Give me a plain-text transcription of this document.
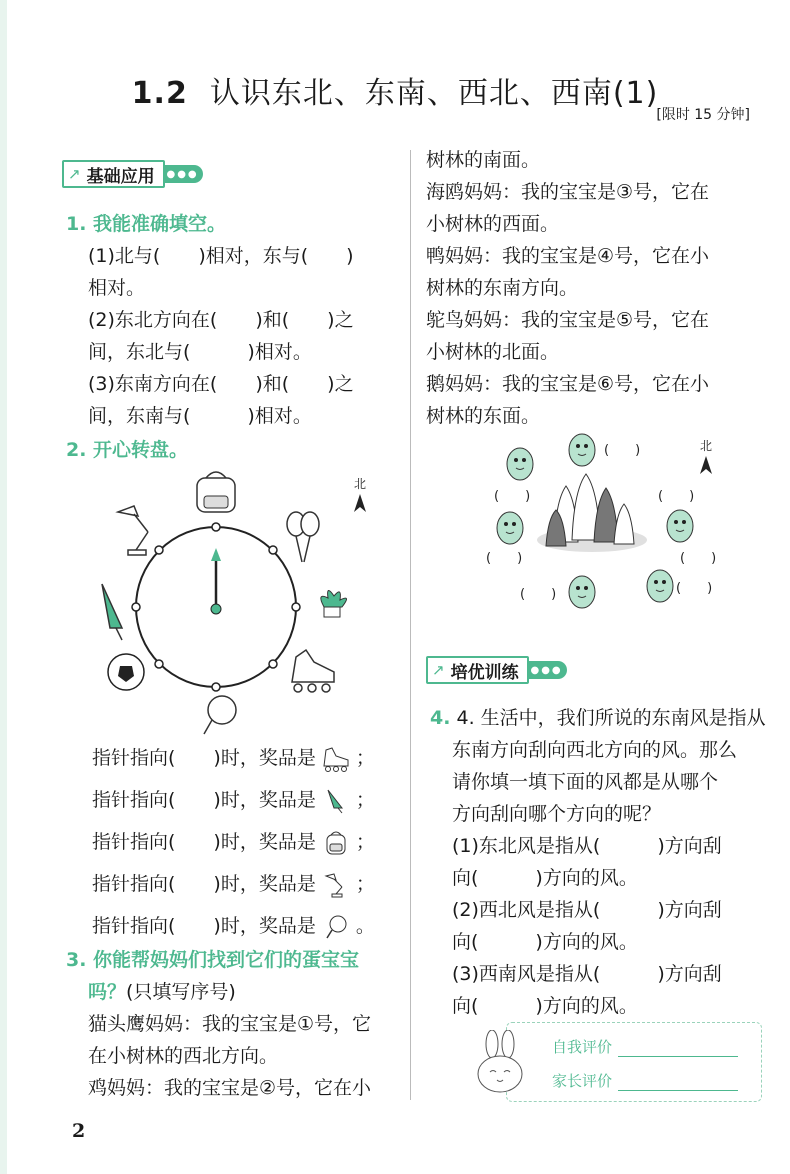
1.2 认识东北、东南、西北、西南(1)
[限时 15 分钟]
↗ 基础应用	●●●
1. 我能准确填空。
(1)北与(　　)相对，东与(　　)
相对。
(2)东北方向在(　　)和(　　)之
间，东北与(　　　)相对。
(3)东南方向在(　　)和(　　)之
间，东南与(　　　)相对。
2. 开心转盘。
北
指针指向(　　)时，奖品是 ；
指针指向(　　)时，奖品是 ；
指针指向(　　)时，奖品是 ；
指针指向(　　)时，奖品是 ；
指针指向(　　)时，奖品是 。
3. 你能帮妈妈们找到它们的蛋宝宝
吗？(只填写序号)
猫头鹰妈妈：我的宝宝是①号，它
在小树林的西北方向。
鸡妈妈：我的宝宝是②号，它在小
树林的南面。
海鸥妈妈：我的宝宝是③号，它在
小树林的西面。
鸭妈妈：我的宝宝是④号，它在小
树林的东南方向。
鸵鸟妈妈：我的宝宝是⑤号，它在
小树林的北面。
鹅妈妈：我的宝宝是⑥号，它在小
树林的东面。
北
(　　)
(　　)
(　　)
(　　)
(　　)
(　　)	(　　)
↗ 培优训练	●●●
4. 4. 生活中，我们所说的东南风是指从
东南方向刮向西北方向的风。那么
请你填一填下面的风都是从哪个
方向刮向哪个方向的呢？
(1)东北风是指从(　　　)方向刮
向(　　　)方向的风。
(2)西北风是指从(　　　)方向刮
向(　　　)方向的风。
(3)西南风是指从(　　　)方向刮
向(　　　)方向的风。
自我评价
家长评价
2
